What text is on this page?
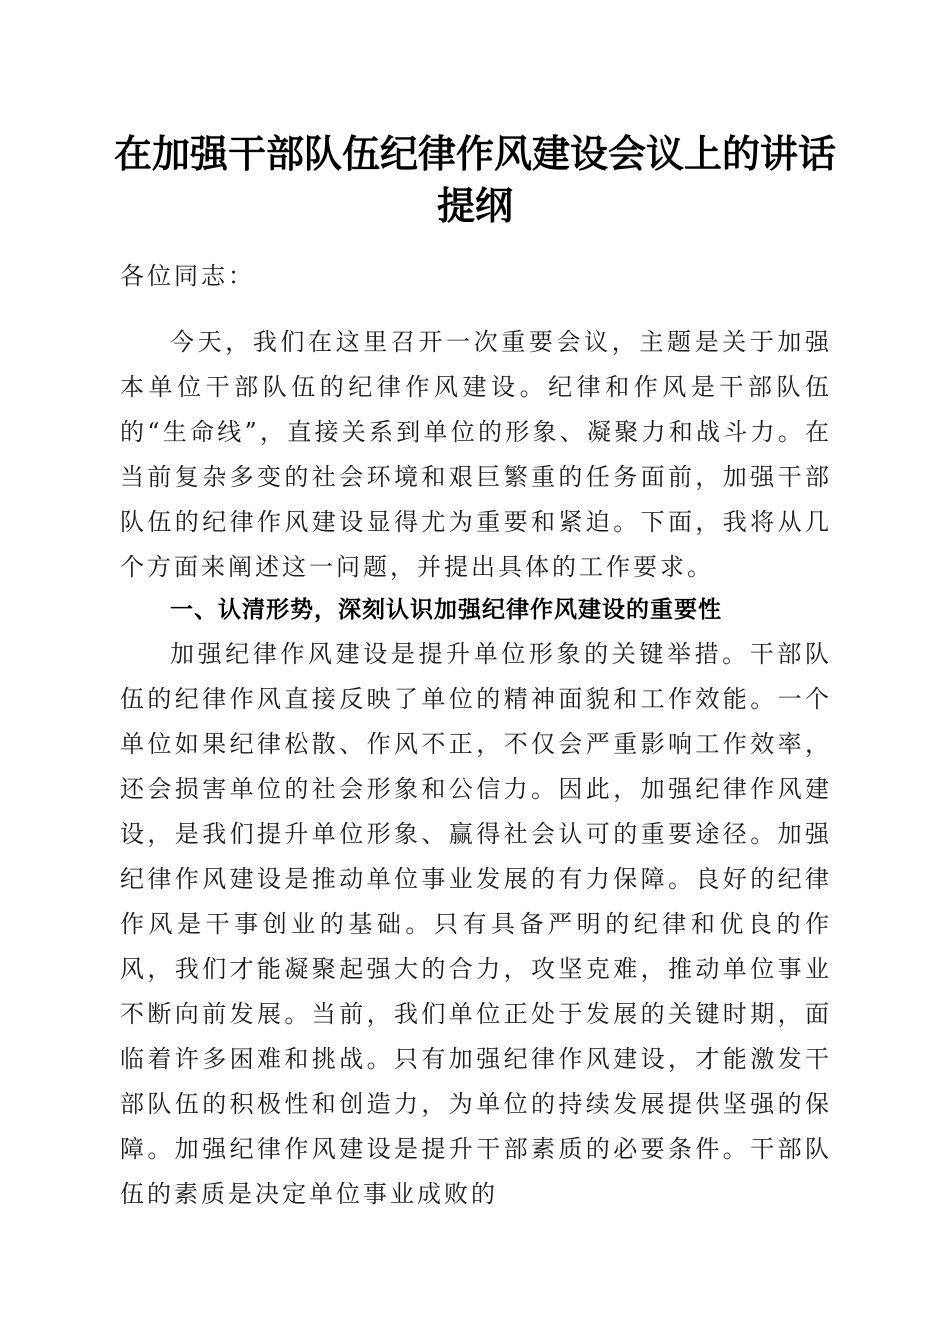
在加强干部队伍纪律作风建设会议上的讲话提纲
各位同志：
今天，我们在这里召开一次重要会议，主题是关于加强本单位干部队伍的纪律作风建设。纪律和作风是干部队伍的“生命线”，直接关系到单位的形象、凝聚力和战斗力。在当前复杂多变的社会环境和艰巨繁重的任务面前，加强干部队伍的纪律作风建设显得尤为重要和紧迫。下面，我将从几个方面来阐述这一问题，并提出具体的工作要求。
一、认清形势，深刻认识加强纪律作风建设的重要性
加强纪律作风建设是提升单位形象的关键举措。干部队伍的纪律作风直接反映了单位的精神面貌和工作效能。一个单位如果纪律松散、作风不正，不仅会严重影响工作效率，还会损害单位的社会形象和公信力。因此，加强纪律作风建设，是我们提升单位形象、赢得社会认可的重要途径。加强纪律作风建设是推动单位事业发展的有力保障。良好的纪律作风是干事创业的基础。只有具备严明的纪律和优良的作风，我们才能凝聚起强大的合力，攻坚克难，推动单位事业不断向前发展。当前，我们单位正处于发展的关键时期，面临着许多困难和挑战。只有加强纪律作风建设，才能激发干部队伍的积极性和创造力，为单位的持续发展提供坚强的保障。加强纪律作风建设是提升干部素质的必要条件。干部队伍的素质是决定单位事业成败的
